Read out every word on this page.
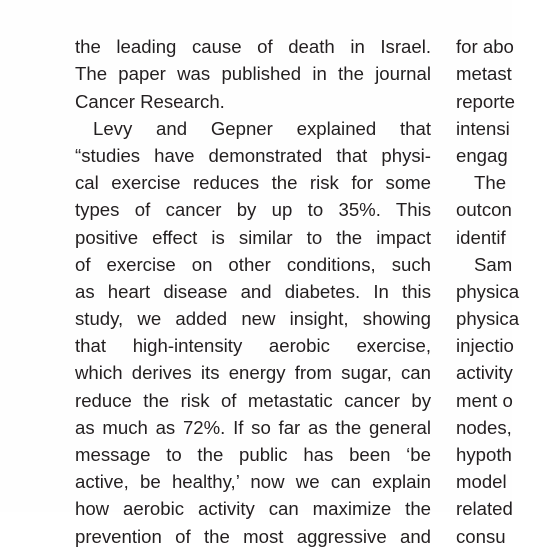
the leading cause of death in Israel.
The paper was published in the journal
Cancer Research.
Levy and Gepner explained that
“studies have demonstrated that physi-
cal exercise reduces the risk for some
types of cancer by up to 35%. This
positive effect is similar to the impact
of exercise on other conditions, such
as heart disease and diabetes. In this
study, we added new insight, showing
that high-intensity aerobic exercise,
which derives its energy from sugar, can
reduce the risk of metastatic cancer by
as much as 72%. If so far as the general
message to the public has been ‘be
active, be healthy,’ now we can explain
how aerobic activity can maximize the
prevention of the most aggressive and
for abo
metast
reporte
intensi
engag
The
outcon
identif
Sam
physica
physica
injectio
activity
ment o
nodes,
hypoth
model
related
consu
